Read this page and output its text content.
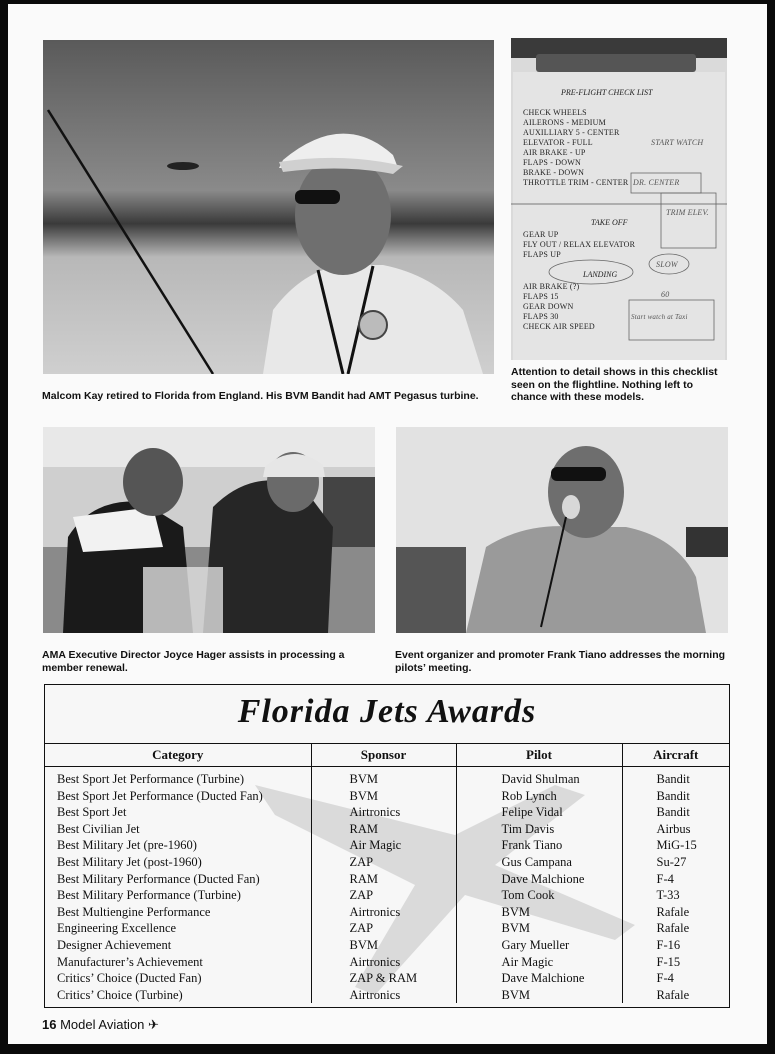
Malcom Kay retired to Florida from England. His BVM Bandit had AMT Pegasus turbine.
PRE-FLIGHT CHECK LIST
CHECK WHEELS
AILERONS - MEDIUM
AUXILLIARY 5 - CENTER
ELEVATOR - FULL
AIR BRAKE - UP
FLAPS - DOWN
BRAKE - DOWN
THROTTLE TRIM - CENTER
TAKE OFF
GEAR UP
FLY OUT / RELAX ELEVATOR
FLAPS UP
LANDING
AIR BRAKE (?)
FLAPS 15
GEAR DOWN
FLAPS 30
CHECK AIR SPEED
START WATCH
TRIM ELEV.
DR. CENTER
SLOW
60
Start watch at Taxi
Attention to detail shows in this checklist seen on the flightline. Nothing left to chance with these models.
AMA Executive Director Joyce Hager assists in processing a member renewal.
Event organizer and promoter Frank Tiano addresses the morning pilots’ meeting.
Florida Jets Awards
Category	Sponsor	Pilot	Aircraft
Best Sport Jet Performance (Turbine)	BVM	David Shulman	Bandit
Best Sport Jet Performance (Ducted Fan)	BVM	Rob Lynch	Bandit
Best Sport Jet	Airtronics	Felipe Vidal	Bandit
Best Civilian Jet	RAM	Tim Davis	Airbus
Best Military Jet (pre-1960)	Air Magic	Frank Tiano	MiG-15
Best Military Jet (post-1960)	ZAP	Gus Campana	Su-27
Best Military Performance (Ducted Fan)	RAM	Dave Malchione	F-4
Best Military Performance (Turbine)	ZAP	Tom Cook	T-33
Best Multiengine Performance	Airtronics	BVM	Rafale
Engineering Excellence	ZAP	BVM	Rafale
Designer Achievement	BVM	Gary Mueller	F-16
Manufacturer’s Achievement	Airtronics	Air Magic	F-15
Critics’ Choice (Ducted Fan)	ZAP & RAM	Dave Malchione	F-4
Critics’ Choice (Turbine)	Airtronics	BVM	Rafale
16 Model Aviation ✈
